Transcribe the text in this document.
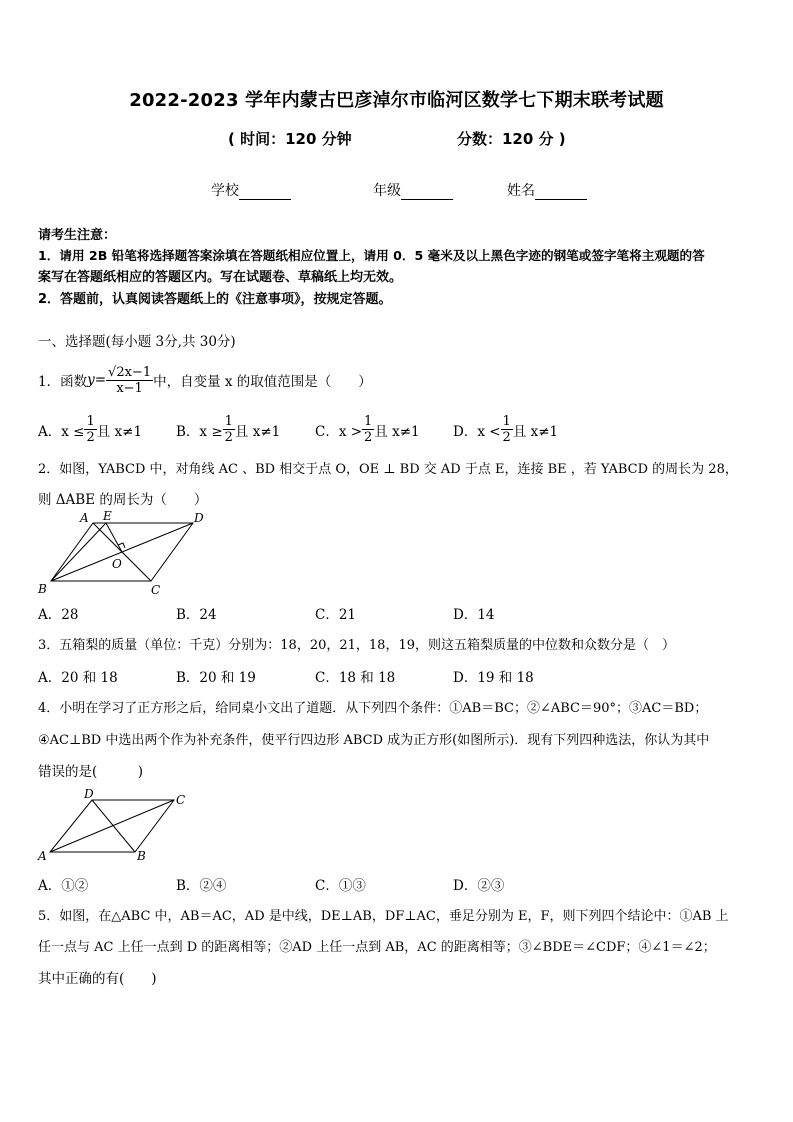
2022-2023 学年内蒙古巴彦淖尔市临河区数学七下期末联考试题
( 时间：120 分钟	分数：120 分 )
学校	年级	姓名
请考生注意：
1．请用 2B 铅笔将选择题答案涂填在答题纸相应位置上，请用 0．5 毫米及以上黑色字迹的钢笔或签字笔将主观题的答
案写在答题纸相应的答题区内。写在试题卷、草稿纸上均无效。
2．答题前，认真阅读答题纸上的《注意事项》，按规定答题。
一、选择题(每小题 3分,共 30分)
1．函数 $y = \frac{√2x-1}{x-1}$ 中，自变量 x 的取值范围是（　　）
A．$x \le \frac{1}{2}$ 且 x≠1	B．$x \ge \frac{1}{2}$ 且 x≠1	C．$x > \frac{1}{2}$ 且 x≠1 D．$x < \frac{1}{2}$ 且 x≠1
2．如图，YABCD 中，对角线 AC 、BD 相交于点 O，OE ⊥ BD 交 AD 于点 E，连接 BE ，若 YABCD 的周长为 28，
则 ΔABE 的周长为（　　）
A E	D
O
B	C
A．28	B．24	C．21	D．14
3．五箱梨的质量（单位：千克）分别为：18，20，21，18，19，则这五箱梨质量的中位数和众数分是（　）
A．20 和 18	B．20 和 19	C．18 和 18	D．19 和 18
4．小明在学习了正方形之后，给同桌小文出了道题．从下列四个条件：①AB＝BC；②∠ABC＝90°；③AC＝BD；
④AC⊥BD 中选出两个作为补充条件，使平行四边形 ABCD 成为正方形(如图所示)．现有下列四种选法，你认为其中
错误的是(　　　)
D	C
A	B
A．①②	B．②④	C．①③	D．②③
5．如图，在△ABC 中，AB＝AC，AD 是中线，DE⊥AB，DF⊥AC，垂足分别为 E，F，则下列四个结论中：①AB 上
任一点与 AC 上任一点到 D 的距离相等；②AD 上任一点到 AB，AC 的距离相等；③∠BDE＝∠CDF；④∠1＝∠2；
其中正确的有(　　)
